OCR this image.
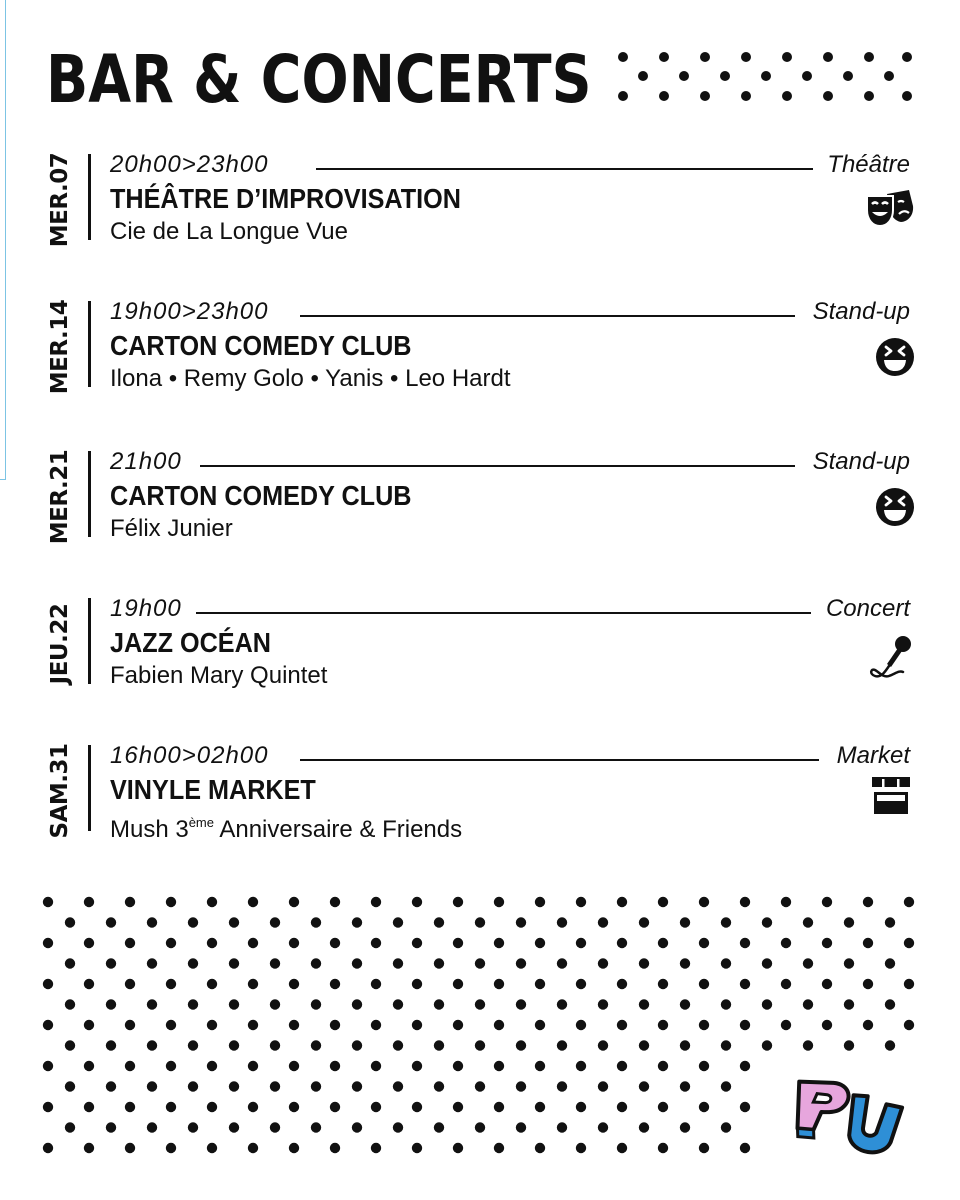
BAR & CONCERTS
MER.07 20h00>23h00	Théâtre
THÉÂTRE D’IMPROVISATION
Cie de La Longue Vue
MER.14 19h00>23h00	Stand-up
CARTON COMEDY CLUB
Ilona • Remy Golo • Yanis • Leo Hardt
MER.21 21h00	Stand-up
CARTON COMEDY CLUB
Félix Junier
JEU.22 19h00	Concert
JAZZ OCÉAN
Fabien Mary Quintet
SAM.31 16h00>02h00	Market
VINYLE MARKET
Mush 3ème Anniversaire & Friends
